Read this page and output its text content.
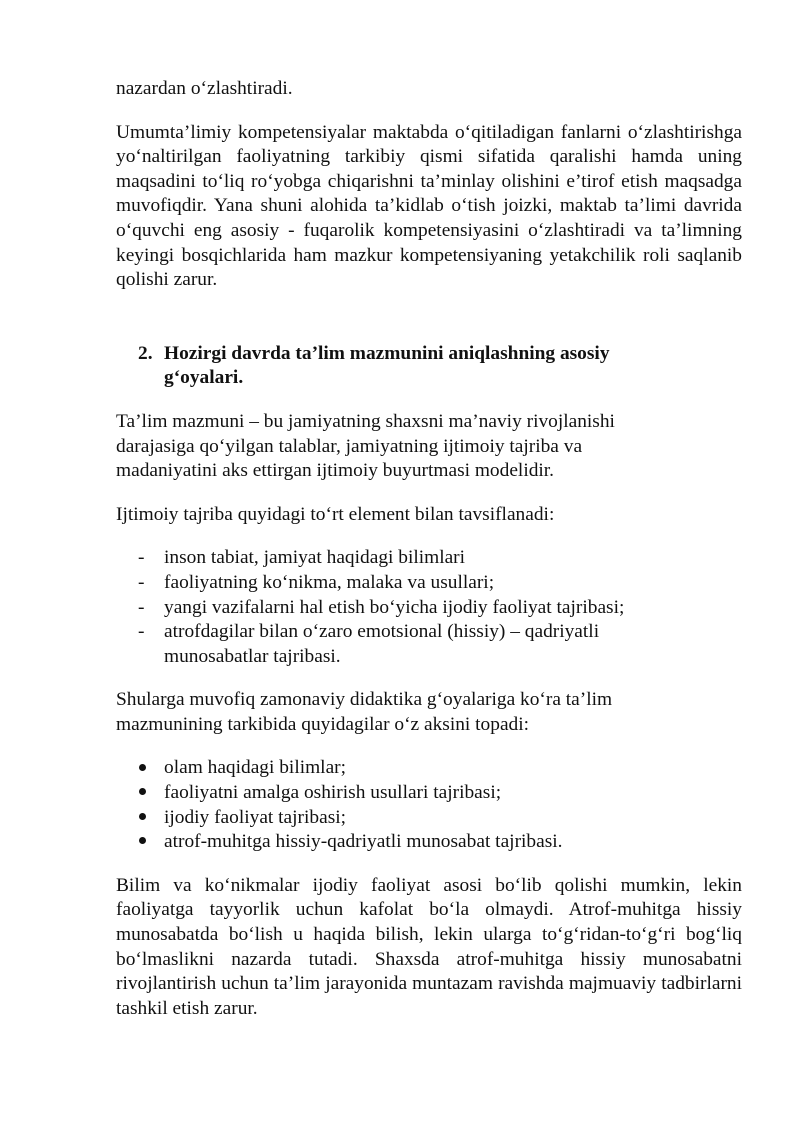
nazardan o‘zlashtiradi.

Umumta’limiy kompetensiyalar maktabda o‘qitiladigan fanlarni o‘zlashtirishga yo‘naltirilgan faoliyatning tarkibiy qismi sifatida qaralishi hamda uning maqsadini to‘liq ro‘yobga chiqarishni ta’minlay olishini e’tirof etish maqsadga muvofiqdir. Yana shuni alohida ta’kidlab o‘tish joizki, maktab ta’limi davrida o‘quvchi eng asosiy - fuqarolik kompetensiyasini o‘zlashtiradi va ta’limning keyingi bosqichlarida ham mazkur kompetensiyaning yetakchilik roli saqlanib qolishi zarur.

2. Hozirgi davrda ta’lim mazmunini aniqlashning asosiy
g‘oyalari.

Ta’lim mazmuni – bu jamiyatning shaxsni ma’naviy rivojlanishi
darajasiga qo‘yilgan talablar, jamiyatning ijtimoiy tajriba va
madaniyatini aks ettirgan ijtimoiy buyurtmasi modelidir.

Ijtimoiy tajriba quyidagi to‘rt element bilan tavsiflanadi:

-	inson tabiat, jamiyat haqidagi bilimlari
-	faoliyatning ko‘nikma, malaka va usullari;
-	yangi vazifalarni hal etish bo‘yicha ijodiy faoliyat tajribasi;
-	atrofdagilar bilan o‘zaro emotsional (hissiy) – qadriyatli
munosabatlar tajribasi.

Shularga muvofiq zamonaviy didaktika g‘oyalariga ko‘ra ta’lim
mazmunining tarkibida quyidagilar o‘z aksini topadi:

olam haqidagi bilimlar;
faoliyatni amalga oshirish usullari tajribasi;
ijodiy faoliyat tajribasi;
atrof-muhitga hissiy-qadriyatli munosabat tajribasi.

Bilim va ko‘nikmalar ijodiy faoliyat asosi bo‘lib qolishi mumkin, lekin faoliyatga tayyorlik uchun kafolat bo‘la olmaydi. Atrof-muhitga hissiy munosabatda bo‘lish u haqida bilish, lekin ularga to‘g‘ridan-to‘g‘ri bog‘liq bo‘lmaslikni nazarda tutadi. Shaxsda atrof-muhitga hissiy munosabatni rivojlantirish uchun ta’lim jarayonida muntazam ravishda majmuaviy tadbirlarni tashkil etish zarur.
